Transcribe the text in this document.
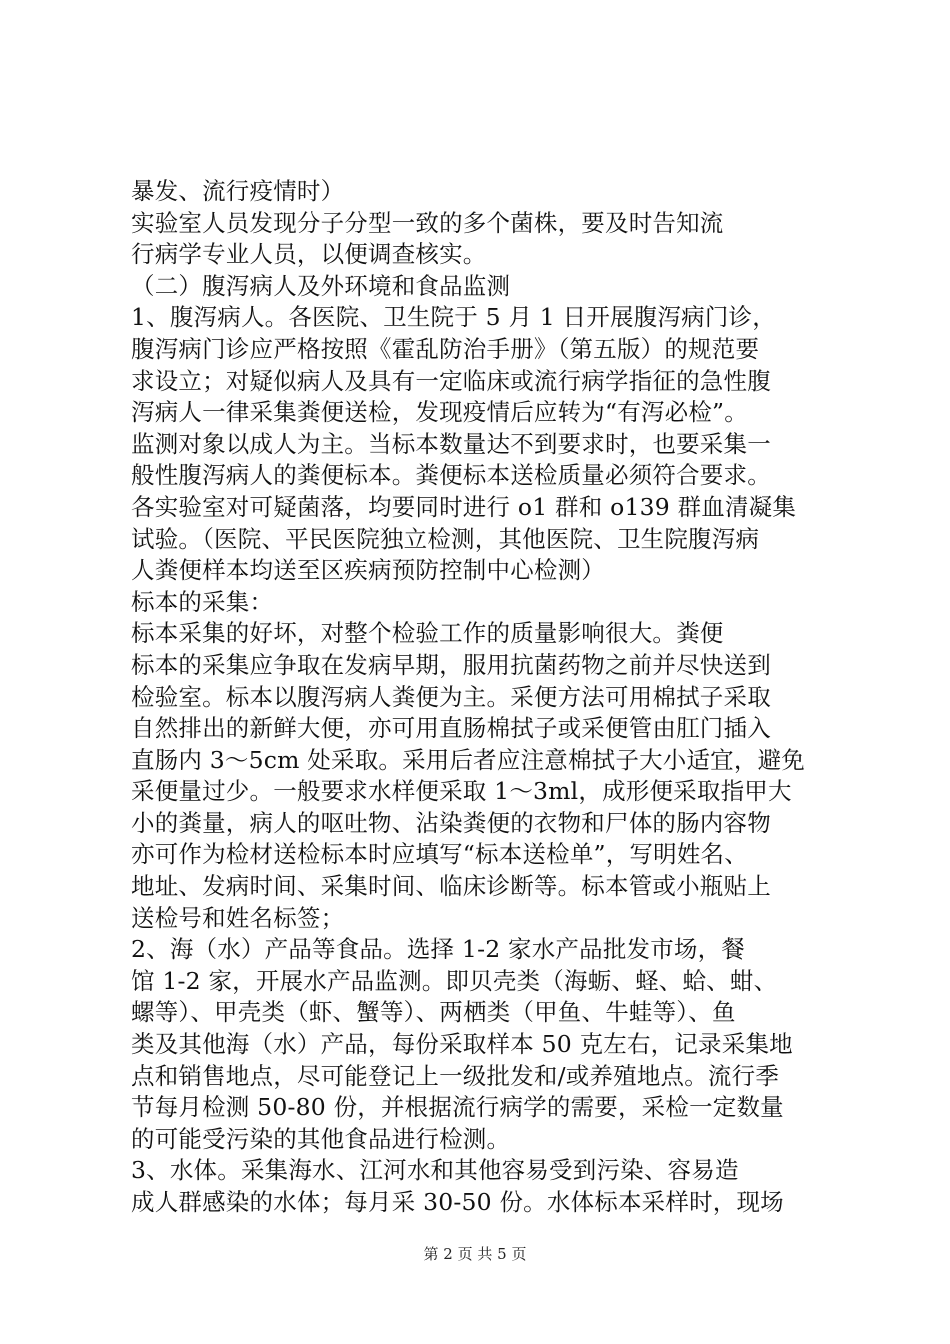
暴发、流行疫情时）
实验室人员发现分子分型一致的多个菌株，要及时告知流
行病学专业人员，以便调查核实。
（二）腹泻病人及外环境和食品监测
1、腹泻病人。各医院、卫生院于 5 月 1 日开展腹泻病门诊，
腹泻病门诊应严格按照《霍乱防治手册》（第五版）的规范要
求设立；对疑似病人及具有一定临床或流行病学指征的急性腹
泻病人一律采集粪便送检，发现疫情后应转为“有泻必检”。
监测对象以成人为主。当标本数量达不到要求时，也要采集一
般性腹泻病人的粪便标本。粪便标本送检质量必须符合要求。
各实验室对可疑菌落，均要同时进行 o1 群和 o139 群血清凝集
试验。（医院、平民医院独立检测，其他医院、卫生院腹泻病
人粪便样本均送至区疾病预防控制中心检测）
标本的采集：
标本采集的好坏，对整个检验工作的质量影响很大。粪便
标本的采集应争取在发病早期，服用抗菌药物之前并尽快送到
检验室。标本以腹泻病人粪便为主。采便方法可用棉拭子采取
自然排出的新鲜大便，亦可用直肠棉拭子或采便管由肛门插入
直肠内 3～5cm 处采取。采用后者应注意棉拭子大小适宜，避免
采便量过少。一般要求水样便采取 1～3ml，成形便采取指甲大
小的粪量，病人的呕吐物、沾染粪便的衣物和尸体的肠内容物
亦可作为检材送检标本时应填写“标本送检单”，写明姓名、
地址、发病时间、采集时间、临床诊断等。标本管或小瓶贴上
送检号和姓名标签；
2、海（水）产品等食品。选择 1-2 家水产品批发市场，餐
馆 1-2 家，开展水产品监测。即贝壳类（海蛎、蛏、蛤、蚶、
螺等）、甲壳类（虾、蟹等）、两栖类（甲鱼、牛蛙等）、鱼
类及其他海（水）产品，每份采取样本 50 克左右，记录采集地
点和销售地点，尽可能登记上一级批发和/或养殖地点。流行季
节每月检测 50-80 份，并根据流行病学的需要，采检一定数量
的可能受污染的其他食品进行检测。
3、水体。采集海水、江河水和其他容易受到污染、容易造
成人群感染的水体；每月采 30-50 份。水体标本采样时，现场
第 2 页 共 5 页
